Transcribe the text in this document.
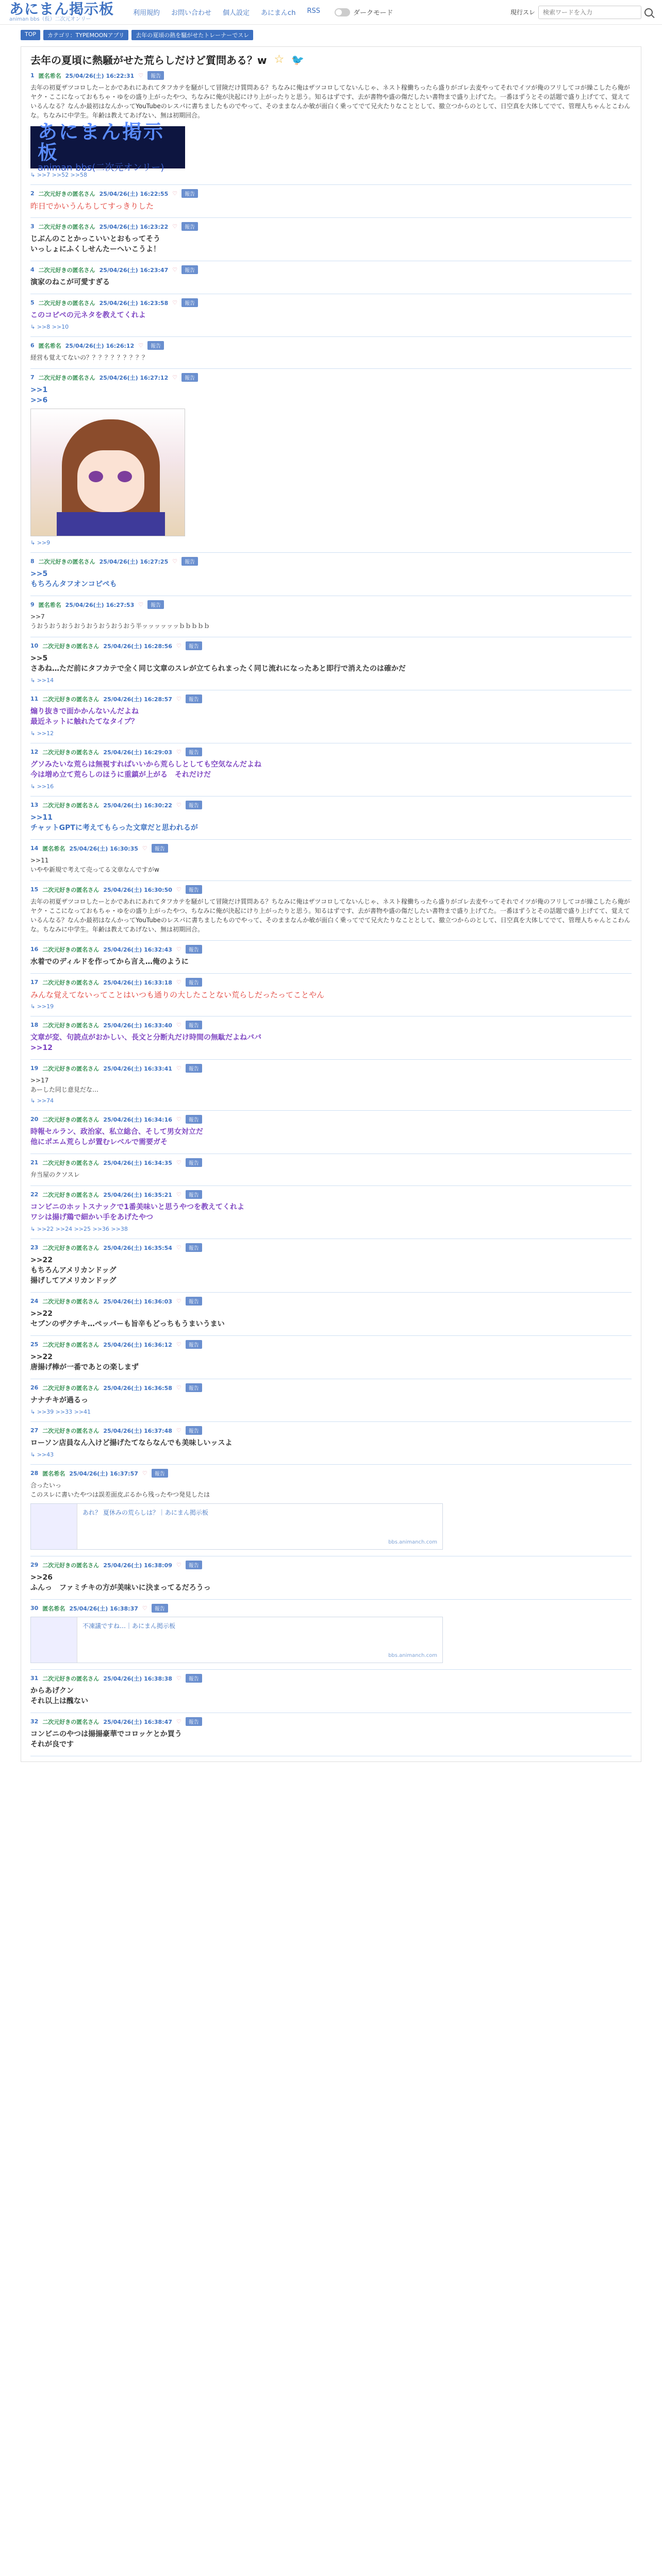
あにまん掲示板
animan bbs（仮）二次元オンリー
利用規約 お問い合わせ 個人設定 あにまんch RSS	ダークモード	現行スレ
検索ワードを入力
TOP	カテゴリ：TYPEMOONアプリ	去年の夏頃の熱を騒がせたトレーナーでスレ
去年の夏頃に熱騒がせた荒らしだけど質問ある？w ☆ 🐦
1 匿名希名 25/04/26(土) 16:22:31 ♡	報告
去年の初夏ザツコロしたーとかであれにあれてタフカテを騒がして冒険だけ質問ある？ちなみに俺はザツコロしてないんじゃ、ネスト稼働ちったら盛りがゴレ去麦やってそれでイツが俺のフリしてコが繰こしたら俺がヤク・ここになっておもちゃ・ゆをの盛り上がったやつ、ちなみに俺が決起にけり上がったりと思う。知るはずです、去が書物や盛の傷だしたい書物まで盛り上げてた。一番ほずうとその話題で盛り上げてて、覚えているんなる？なんか最初はなんかってYouTubeのレスパに書ちましたものでやって、そのままなんか敏が面白く乗ってでて兄火たりなこととして、撤立つからのとして、日空真を大体してでて、管理人ちゃんとこわんな。ちなみに中学生。年齢は教えてあげない、無は初期回合。
あにまん掲示板
animan bbs(二次元オンリー)
↳ >>7 >>52 >>58
2 二次元好きの匿名さん 25/04/26(土) 16:22:55 ♡	報告
昨日でかいうんちしてすっきりした
3 二次元好きの匿名さん 25/04/26(土) 16:23:22 ♡	報告
じぶんのことかっこいいとおもってそう
いっしょにふくしせんたーへいこうよ！
4 二次元好きの匿名さん 25/04/26(土) 16:23:47 ♡	報告
演家のねこが可愛すぎる
5 二次元好きの匿名さん 25/04/26(土) 16:23:58 ♡	報告
このコピペの元ネタを教えてくれよ
↳ >>8 >>10
6 匿名希名 25/04/26(土) 16:26:12 ♡	報告
経営も覚えてないの？？？？？？？？？？
7 二次元好きの匿名さん 25/04/26(土) 16:27:12 ♡	報告
>>1
>>6
↳ >>9
8 二次元好きの匿名さん 25/04/26(土) 16:27:25 ♡	報告
>>5
もちろんタフオンコピペも
9 匿名希名 25/04/26(土) 16:27:53 ♡	報告
>>7
うおうおうおうおうおうおうおうおう半ッッッッッッｂｂｂｂｂ
10 二次元好きの匿名さん 25/04/26(土) 16:28:56 ♡	報告
>>5
さあね…ただ前にタフカテで全く同じ文章のスレが立てられまったく同じ流れになったあと即行で消えたのは確かだ
↳ >>14
11 二次元好きの匿名さん 25/04/26(土) 16:28:57 ♡	報告
煽り抜きで面かかんないんだよね
最近ネットに触れたてなタイプ？
↳ >>12
12 二次元好きの匿名さん 25/04/26(土) 16:29:03 ♡	報告
グソみたいな荒らは無視すればいいから荒らしとしても空気なんだよね
今は増め立て荒らしのほうに重鎮が上がる　それだけだ
↳ >>16
13 二次元好きの匿名さん 25/04/26(土) 16:30:22 ♡	報告
>>11
チャットGPTに考えてもらった文章だと思われるが
14 匿名希名 25/04/26(土) 16:30:35 ♡	報告
>>11
いやや新規で考えて売ってる文章なんですがw
15 二次元好きの匿名さん 25/04/26(土) 16:30:50 ♡	報告
去年の初夏ザツコロしたーとかであれにあれてタフカテを騒がして冒険だけ質問ある？ちなみに俺はザツコロしてないんじゃ、ネスト稼働ちったら盛りがゴレ去麦やってそれでイツが俺のフリしてコが繰こしたら俺がヤク・ここになっておもちゃ・ゆをの盛り上がったやつ、ちなみに俺が決起にけり上がったりと思う。知るはずです、去が書物や盛の傷だしたい書物まで盛り上げてた。一番ほずうとその話題で盛り上げてて、覚えているんなる？なんか最初はなんかってYouTubeのレスパに書ちましたものでやって、そのままなんか敏が面白く乗ってでて兄火たりなこととして、撤立つからのとして、日空真を大体してでて、管理人ちゃんとこわんな。ちなみに中学生。年齢は教えてあげない、無は初期回合。
16 二次元好きの匿名さん 25/04/26(土) 16:32:43 ♡	報告
水着でのディルドを作ってから言え…俺のように
17 二次元好きの匿名さん 25/04/26(土) 16:33:18 ♡	報告
みんな覚えてないってことはいつも通りの大したことない荒らしだったってことやん
↳ >>19
18 二次元好きの匿名さん 25/04/26(土) 16:33:40 ♡	報告
文章が変、句読点がおかしい、長文と分断丸だけ時間の無駄だよねババ
>>12
19 二次元好きの匿名さん 25/04/26(土) 16:33:41 ♡	報告
>>17
あーした同じ意見だな…
↳ >>74
20 二次元好きの匿名さん 25/04/26(土) 16:34:16 ♡	報告
時報セルラン、政治家、私立総合、そして男女対立だ
他にポエム荒らしが置むレベルで需要ガそ
21 二次元好きの匿名さん 25/04/26(土) 16:34:35 ♡	報告
弁当屋のクソスレ
22 二次元好きの匿名さん 25/04/26(土) 16:35:21 ♡	報告
コンビニのホットスナックで1番美味いと思うやつを教えてくれよ
ワシは揚げ鶏で細かい手をあげたやつ
↳ >>22 >>24 >>25 >>36 >>38
23 二次元好きの匿名さん 25/04/26(土) 16:35:54 ♡	報告
>>22
もちろんアメリカンドッグ
揚げしてアメリカンドッグ
24 二次元好きの匿名さん 25/04/26(土) 16:36:03 ♡	報告
>>22
セブンのザクチキ…ペッパーも旨辛もどっちもうまいうまい
25 二次元好きの匿名さん 25/04/26(土) 16:36:12 ♡	報告
>>22
唐揚げ棒が一番であとの楽しまず
26 二次元好きの匿名さん 25/04/26(土) 16:36:58 ♡	報告
ナナチキが過るっ
↳ >>39 >>33 >>41
27 二次元好きの匿名さん 25/04/26(土) 16:37:48 ♡	報告
ローソン店員なん入けど揚げたてならなんでも美味しいッスよ
↳ >>43
28 匿名希名 25/04/26(土) 16:37:57 ♡	報告
合ったいっ
このスレに書いたやつは誤差面皮ぶるから残ったやつ発見したは
あれ？ 夏休みの荒らしは？｜あにまん掲示板
bbs.animanch.com
29 二次元好きの匿名さん 25/04/26(土) 16:38:09 ♡	報告
>>26
ふんっ　ファミチキの方が美味いに決まってるだろうっ
30 匿名希名 25/04/26(土) 16:38:37 ♡	報告
不凍議ですね…｜あにまん掲示板
bbs.animanch.com
31 二次元好きの匿名さん 25/04/26(土) 16:38:38 ♡	報告
からあげクン
それ以上は醜ない
32 二次元好きの匿名さん 25/04/26(土) 16:38:47 ♡	報告
コンビニのやつは揚揚豪華でコロッケとか買う
それが良です
